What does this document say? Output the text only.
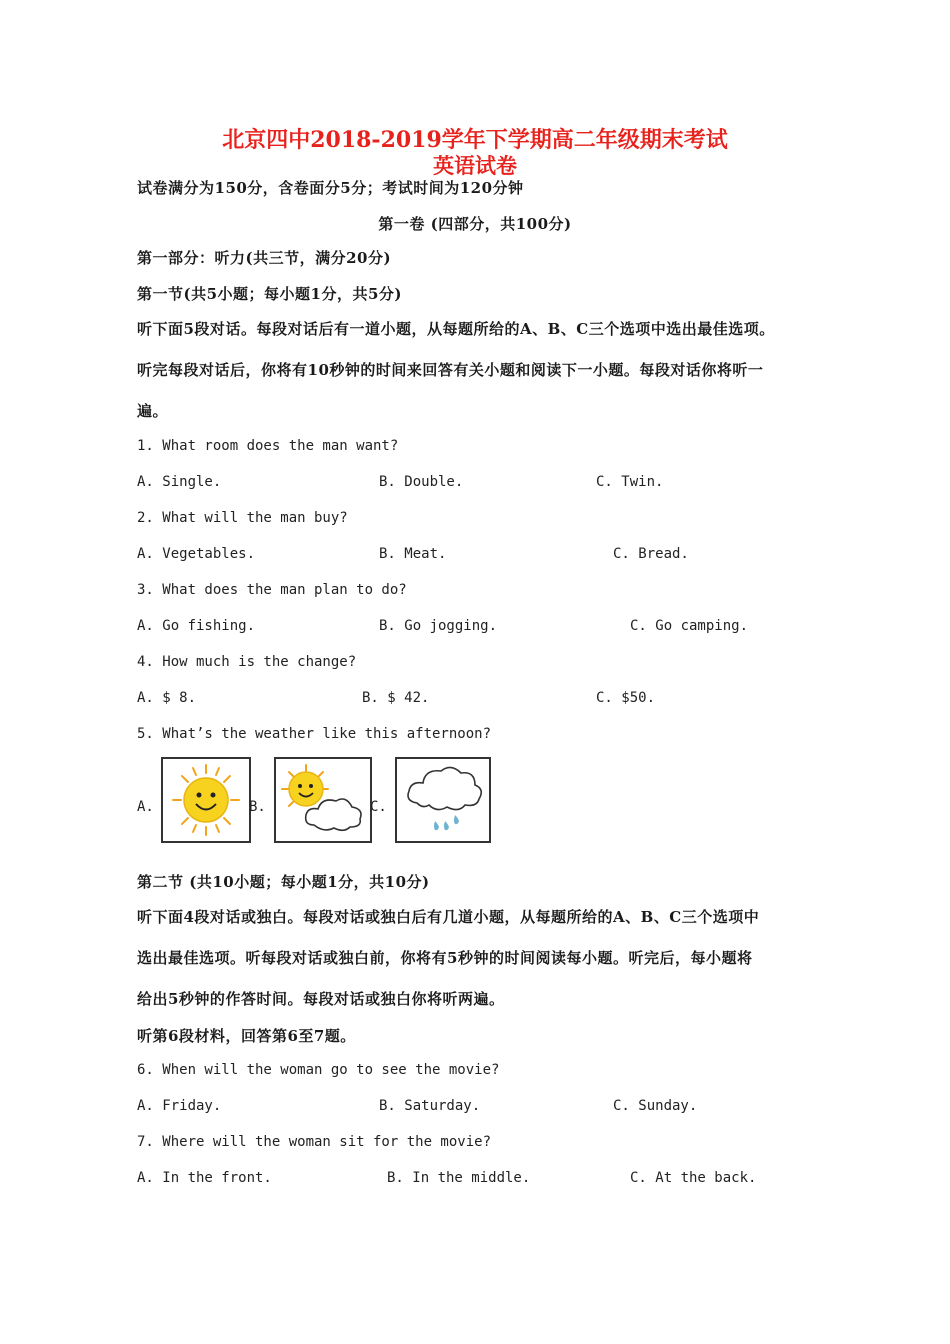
北京四中2018-2019学年下学期高二年级期末考试
英语试卷
试卷满分为150分，含卷面分5分；考试时间为120分钟
第一卷 (四部分，共100分)
第一部分：听力(共三节，满分20分)
第一节(共5小题；每小题1分，共5分)
听下面5段对话。每段对话后有一道小题，从每题所给的A、B、C三个选项中选出最佳选项。
听完每段对话后，你将有10秒钟的时间来回答有关小题和阅读下一小题。每段对话你将听一
遍。
1. What room does the man want?
A. Single.	B. Double.	C. Twin.
2. What will the man buy?
A. Vegetables.	B. Meat.	C. Bread.
3. What does the man plan to do?
A. Go fishing.	B. Go jogging.	C. Go camping.
4. How much is the change?
A. $ 8.	B. $ 42.	C. $50.
5. What’s the weather like this afternoon?
A.	B.	C.
第二节 (共10小题；每小题1分，共10分)
听下面4段对话或独白。每段对话或独白后有几道小题，从每题所给的A、B、C三个选项中
选出最佳选项。听每段对话或独白前，你将有5秒钟的时间阅读每小题。听完后，每小题将
给出5秒钟的作答时间。每段对话或独白你将听两遍。
听第6段材料，回答第6至7题。
6. When will the woman go to see the movie?
A. Friday.	B. Saturday.	C. Sunday.
7. Where will the woman sit for the movie?
A. In the front.	B. In the middle.	C. At the back.
